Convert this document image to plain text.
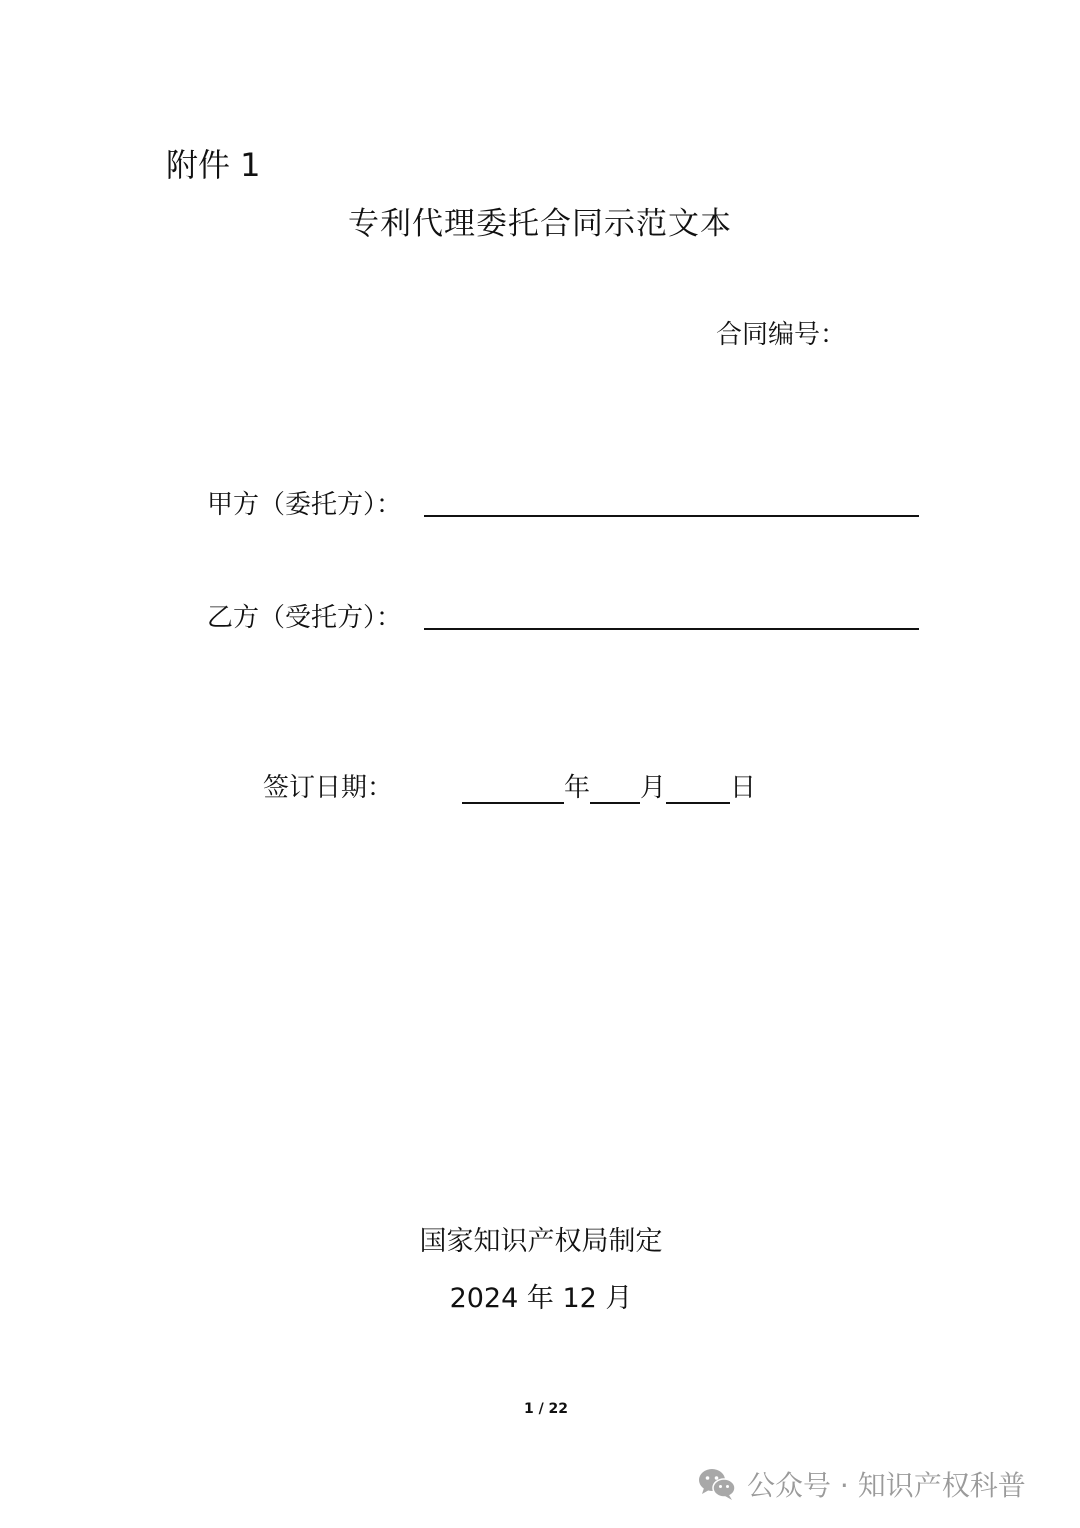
附件 1
专利代理委托合同示范文本
合同编号：
甲方（委托方）：
乙方（受托方）：
签订日期：	年 月 日
国家知识产权局制定
2024 年 12 月
1 / 22
公众号 · 知识产权科普
